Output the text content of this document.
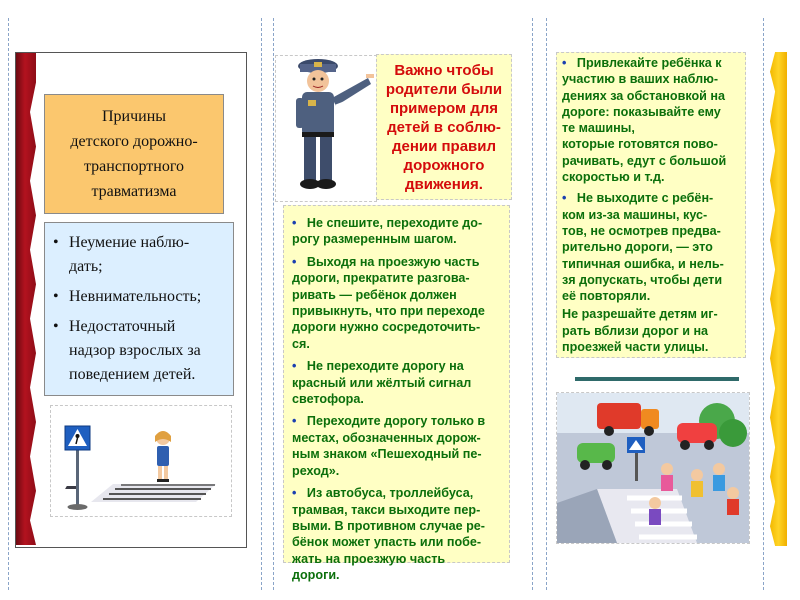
Причины
детского дорожно-
транспортного
травматизма
• Неумение наблю-
дать;
• Невнимательность;
• Недостаточный
надзор взрослых за
поведением детей.
Важно чтобы
родители были
примером для
детей в соблю-
дении правил
дорожного
движения.

•   Не спешите, переходите до-
рогу размеренным шагом.

•   Выходя на проезжую часть
дороги, прекратите разгова-
ривать — ребёнок должен
привыкнуть, что при переходе
дороги нужно сосредоточить-
ся.

•   Не переходите дорогу на
красный или жёлтый сигнал
светофора.

•   Переходите дорогу только в
местах, обозначенных дорож-
ным знаком «Пешеходный пе-
реход».

•   Из автобуса, троллейбуса,
трамвая, такси выходите пер-
выми. В противном случае ре-
бёнок может упасть или побе-
жать на проезжую часть
дороги.

•   Привлекайте ребёнка к
участию в ваших наблю-
дениях за обстановкой на
дороге: показывайте ему
те машины,
которые готовятся пово-
рачивать, едут с большой
скоростью и т.д.

•   Не выходите с ребён-
ком из-за машины, кус-
тов, не осмотрев предва-
рительно дороги, — это
типичная ошибка, и нель-
зя допускать, чтобы дети
её повторяли.

Не разрешайте детям иг-
рать вблизи дорог и на
проезжей части улицы.
